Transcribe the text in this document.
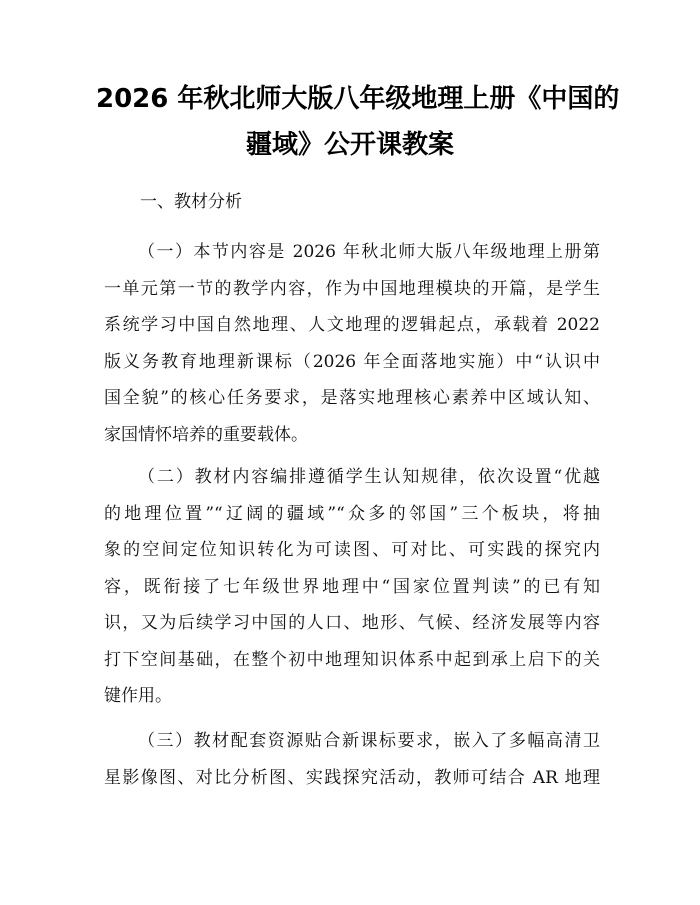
2026 年秋北师大版八年级地理上册《中国的
疆域》公开课教案
一、教材分析
（一）本节内容是 2026 年秋北师大版八年级地理上册第
一单元第一节的教学内容，作为中国地理模块的开篇，是学生
系统学习中国自然地理、人文地理的逻辑起点，承载着 2022
版义务教育地理新课标（2026 年全面落地实施）中“认识中
国全貌”的核心任务要求，是落实地理核心素养中区域认知、
家国情怀培养的重要载体。
（二）教材内容编排遵循学生认知规律，依次设置“优越
的地理位置”“辽阔的疆域”“众多的邻国”三个板块，将抽
象的空间定位知识转化为可读图、可对比、可实践的探究内
容，既衔接了七年级世界地理中“国家位置判读”的已有知
识，又为后续学习中国的人口、地形、气候、经济发展等内容
打下空间基础，在整个初中地理知识体系中起到承上启下的关
键作用。
（三）教材配套资源贴合新课标要求，嵌入了多幅高清卫
星影像图、对比分析图、实践探究活动，教师可结合 AR 地理
